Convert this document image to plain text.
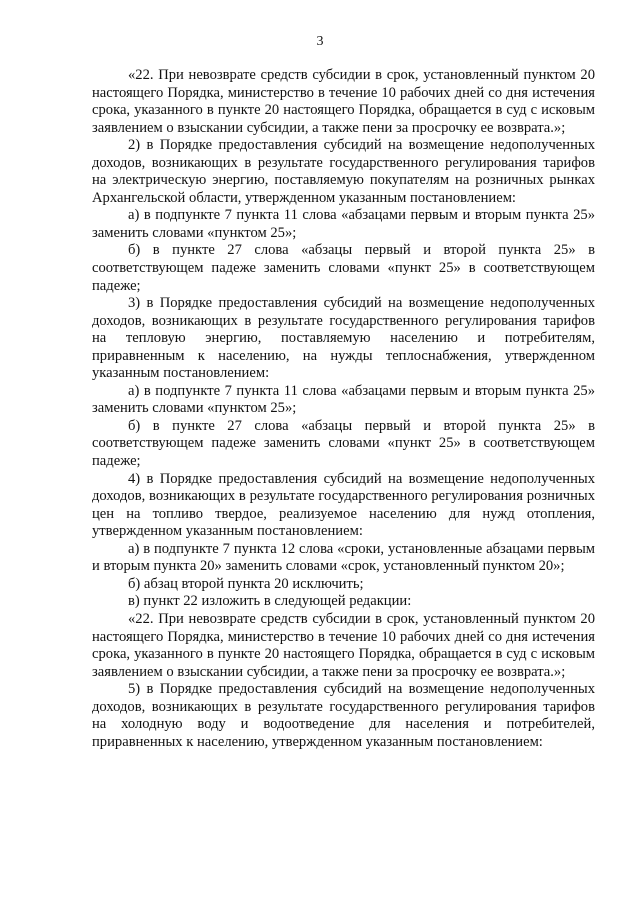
3

«22. При невозврате средств субсидии в срок, установленный пунктом 20 настоящего Порядка, министерство в течение 10 рабочих дней со дня истечения срока, указанного в пункте 20 настоящего Порядка, обращается в суд с исковым заявлением о взыскании субсидии, а также пени за просрочку ее возврата.»;

2) в Порядке предоставления субсидий на возмещение недополученных доходов, возникающих в результате государственного регулирования тарифов на электрическую энергию, поставляемую покупателям на розничных рынках Архангельской области, утвержденном указанным постановлением:

а) в подпункте 7 пункта 11 слова «абзацами первым и вторым пункта 25» заменить словами «пунктом 25»;

б) в пункте 27 слова «абзацы первый и второй пункта 25» в соответствующем падеже заменить словами «пункт 25» в соответствующем падеже;

3) в Порядке предоставления субсидий на возмещение недополученных доходов, возникающих в результате государственного регулирования тарифов на тепловую энергию, поставляемую населению и потребителям, приравненным к населению, на нужды теплоснабжения, утвержденном указанным постановлением:

а) в подпункте 7 пункта 11 слова «абзацами первым и вторым пункта 25» заменить словами «пунктом 25»;

б) в пункте 27 слова «абзацы первый и второй пункта 25» в соответствующем падеже заменить словами «пункт 25» в соответствующем падеже;

4) в Порядке предоставления субсидий на возмещение недополученных доходов, возникающих в результате государственного регулирования розничных цен на топливо твердое, реализуемое населению для нужд отопления, утвержденном указанным постановлением:

а) в подпункте 7 пункта 12 слова «сроки, установленные абзацами первым и вторым пункта 20» заменить словами «срок, установленный пунктом 20»;

б) абзац второй пункта 20 исключить;

в) пункт 22 изложить в следующей редакции:

«22. При невозврате средств субсидии в срок, установленный пунктом 20 настоящего Порядка, министерство в течение 10 рабочих дней со дня истечения срока, указанного в пункте 20 настоящего Порядка, обращается в суд с исковым заявлением о взыскании субсидии, а также пени за просрочку ее возврата.»;

5) в Порядке предоставления субсидий на возмещение недополученных доходов, возникающих в результате государственного регулирования тарифов на холодную воду и водоотведение для населения и потребителей, приравненных к населению, утвержденном указанным постановлением:
